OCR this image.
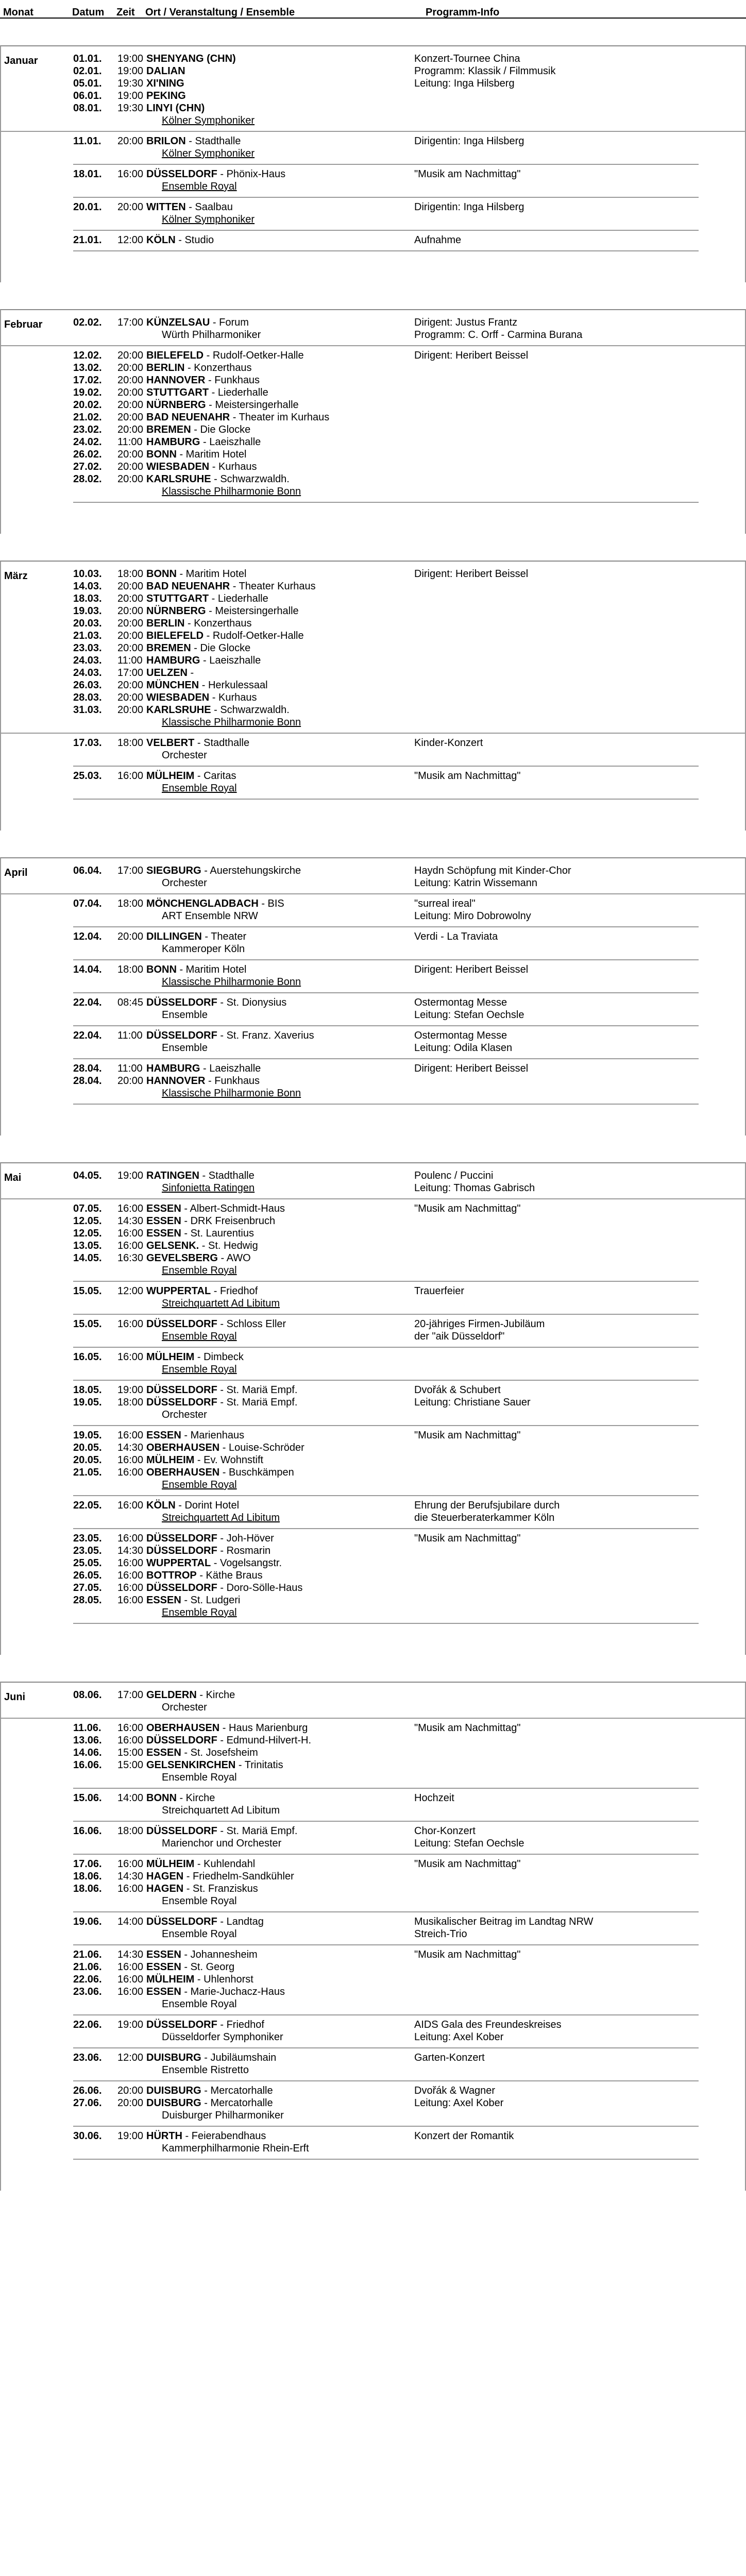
Monat	Datum Zeit Ort / Veranstaltung / Ensemble	Programm-Info
Januar	01.01.	19:00 SHENYANG (CHN)	Konzert-Tournee China
02.01.	19:00 DALIAN	Programm: Klassik / Filmmusik
05.01.	19:30 XI'NING	Leitung: Inga Hilsberg
06.01.	19:00 PEKING
08.01.	19:30 LINYI (CHN)
Kölner Symphoniker
11.01.	20:00 BRILON - Stadthalle	Dirigentin: Inga Hilsberg
Kölner Symphoniker
18.01.	16:00 DÜSSELDORF - Phönix-Haus	"Musik am Nachmittag"
Ensemble Royal
20.01.	20:00 WITTEN - Saalbau	Dirigentin: Inga Hilsberg
Kölner Symphoniker
21.01.	12:00 KÖLN - Studio	Aufnahme
Februar	02.02.	17:00 KÜNZELSAU - Forum	Dirigent: Justus Frantz
Würth Philharmoniker	Programm: C. Orff - Carmina Burana
12.02.	20:00 BIELEFELD - Rudolf-Oetker-Halle	Dirigent: Heribert Beissel
13.02.	20:00 BERLIN - Konzerthaus
17.02.	20:00 HANNOVER - Funkhaus
19.02.	20:00 STUTTGART - Liederhalle
20.02.	20:00 NÜRNBERG - Meistersingerhalle
21.02.	20:00 BAD NEUENAHR - Theater im Kurhaus
23.02.	20:00 BREMEN - Die Glocke
24.02.	11:00 HAMBURG - Laeiszhalle
26.02.	20:00 BONN - Maritim Hotel
27.02.	20:00 WIESBADEN - Kurhaus
28.02.	20:00 KARLSRUHE - Schwarzwaldh.
Klassische Philharmonie Bonn
März	10.03.	18:00 BONN - Maritim Hotel	Dirigent: Heribert Beissel
14.03.	20:00 BAD NEUENAHR - Theater Kurhaus
18.03.	20:00 STUTTGART - Liederhalle
19.03.	20:00 NÜRNBERG - Meistersingerhalle
20.03.	20:00 BERLIN - Konzerthaus
21.03.	20:00 BIELEFELD - Rudolf-Oetker-Halle
23.03.	20:00 BREMEN - Die Glocke
24.03.	11:00 HAMBURG - Laeiszhalle
24.03.	17:00 UELZEN -
26.03.	20:00 MÜNCHEN - Herkulessaal
28.03.	20:00 WIESBADEN - Kurhaus
31.03.	20:00 KARLSRUHE - Schwarzwaldh.
Klassische Philharmonie Bonn
17.03.	18:00 VELBERT - Stadthalle	Kinder-Konzert
Orchester
25.03.	16:00 MÜLHEIM - Caritas	"Musik am Nachmittag"
Ensemble Royal
April	06.04.	17:00 SIEGBURG - Auerstehungskirche	Haydn Schöpfung mit Kinder-Chor
Orchester	Leitung: Katrin Wissemann
07.04.	18:00 MÖNCHENGLADBACH - BIS	"surreal ireal"
ART Ensemble NRW	Leitung: Miro Dobrowolny
12.04.	20:00 DILLINGEN - Theater	Verdi - La Traviata
Kammeroper Köln
14.04.	18:00 BONN - Maritim Hotel	Dirigent: Heribert Beissel
Klassische Philharmonie Bonn
22.04.	08:45 DÜSSELDORF - St. Dionysius	Ostermontag Messe
Ensemble	Leitung: Stefan Oechsle
22.04.	11:00 DÜSSELDORF - St. Franz. Xaverius	Ostermontag Messe
Ensemble	Leitung: Odila Klasen
28.04.	11:00 HAMBURG - Laeiszhalle	Dirigent: Heribert Beissel
28.04.	20:00 HANNOVER - Funkhaus
Klassische Philharmonie Bonn
Mai	04.05.	19:00 RATINGEN - Stadthalle	Poulenc / Puccini
Sinfonietta Ratingen	Leitung: Thomas Gabrisch
07.05.	16:00 ESSEN - Albert-Schmidt-Haus	"Musik am Nachmittag"
12.05.	14:30 ESSEN - DRK Freisenbruch
12.05.	16:00 ESSEN - St. Laurentius
13.05.	16:00 GELSENK. - St. Hedwig
14.05.	16:30 GEVELSBERG - AWO
Ensemble Royal
15.05.	12:00 WUPPERTAL - Friedhof	Trauerfeier
Streichquartett Ad Libitum
15.05.	16:00 DÜSSELDORF - Schloss Eller	20-jähriges Firmen-Jubiläum
Ensemble Royal	der "aik Düsseldorf"
16.05.	16:00 MÜLHEIM - Dimbeck
Ensemble Royal
18.05.	19:00 DÜSSELDORF - St. Mariä Empf.	Dvořák & Schubert
19.05.	18:00 DÜSSELDORF - St. Mariä Empf.	Leitung: Christiane Sauer
Orchester
19.05.	16:00 ESSEN - Marienhaus	"Musik am Nachmittag"
20.05.	14:30 OBERHAUSEN - Louise-Schröder
20.05.	16:00 MÜLHEIM - Ev. Wohnstift
21.05.	16:00 OBERHAUSEN - Buschkämpen
Ensemble Royal
22.05.	16:00 KÖLN - Dorint Hotel	Ehrung der Berufsjubilare durch
Streichquartett Ad Libitum	die Steuerberaterkammer Köln
23.05.	16:00 DÜSSELDORF - Joh-Höver	"Musik am Nachmittag"
23.05.	14:30 DÜSSELDORF - Rosmarin
25.05.	16:00 WUPPERTAL - Vogelsangstr.
26.05.	16:00 BOTTROP - Käthe Braus
27.05.	16:00 DÜSSELDORF - Doro-Sölle-Haus
28.05.	16:00 ESSEN - St. Ludgeri
Ensemble Royal
Juni	08.06.	17:00 GELDERN - Kirche
Orchester
11.06.	16:00 OBERHAUSEN - Haus Marienburg	"Musik am Nachmittag"
13.06.	16:00 DÜSSELDORF - Edmund-Hilvert-H.
14.06.	15:00 ESSEN - St. Josefsheim
16.06.	15:00 GELSENKIRCHEN - Trinitatis
Ensemble Royal
15.06.	14:00 BONN - Kirche	Hochzeit
Streichquartett Ad Libitum
16.06.	18:00 DÜSSELDORF - St. Mariä Empf.	Chor-Konzert
Marienchor und Orchester	Leitung: Stefan Oechsle
17.06.	16:00 MÜLHEIM - Kuhlendahl	"Musik am Nachmittag"
18.06.	14:30 HAGEN - Friedhelm-Sandkühler
18.06.	16:00 HAGEN - St. Franziskus
Ensemble Royal
19.06.	14:00 DÜSSELDORF - Landtag	Musikalischer Beitrag im Landtag NRW
Ensemble Royal	Streich-Trio
21.06.	14:30 ESSEN - Johannesheim	"Musik am Nachmittag"
21.06.	16:00 ESSEN - St. Georg
22.06.	16:00 MÜLHEIM - Uhlenhorst
23.06.	16:00 ESSEN - Marie-Juchacz-Haus
Ensemble Royal
22.06.	19:00 DÜSSELDORF - Friedhof	AIDS Gala des Freundeskreises
Düsseldorfer Symphoniker	Leitung: Axel Kober
23.06.	12:00 DUISBURG - Jubiläumshain	Garten-Konzert
Ensemble Ristretto
26.06.	20:00 DUISBURG - Mercatorhalle	Dvořák & Wagner
27.06.	20:00 DUISBURG - Mercatorhalle	Leitung: Axel Kober
Duisburger Philharmoniker
30.06.	19:00 HÜRTH - Feierabendhaus	Konzert der Romantik
Kammerphilharmonie Rhein-Erft
